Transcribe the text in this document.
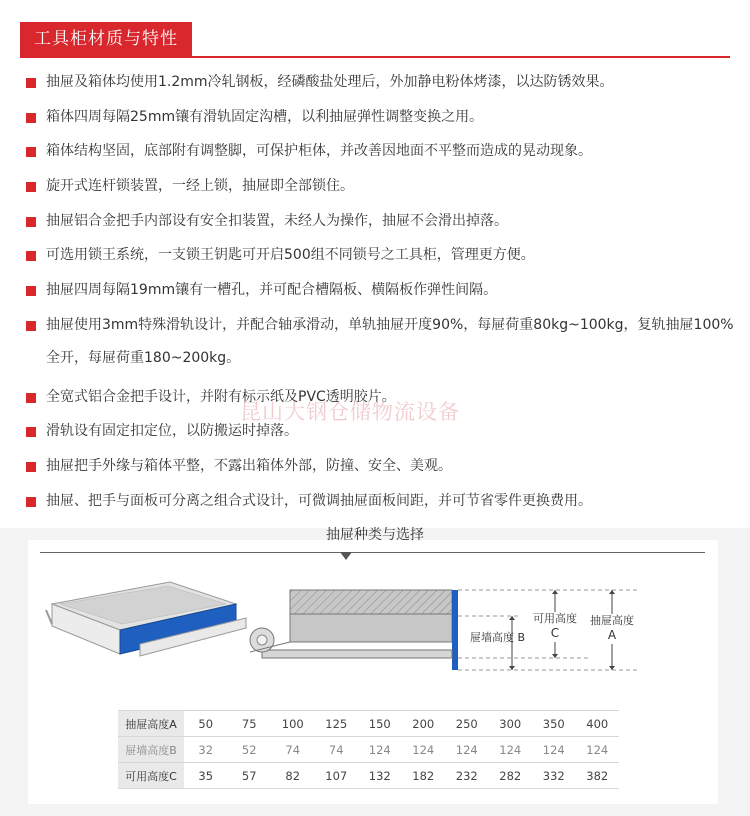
工具柜材质与特性
抽屉及箱体均使用1.2mm冷轧钢板，经磷酸盐处理后，外加静电粉体烤漆，以达防锈效果。
箱体四周每隔25mm镶有滑轨固定沟槽，以利抽屉弹性调整变换之用。
箱体结构坚固，底部附有调整脚，可保护柜体，并改善因地面不平整而造成的晃动现象。
旋开式连杆锁装置，一经上锁，抽屉即全部锁住。
抽屉铝合金把手内部设有安全扣装置，未经人为操作，抽屉不会滑出掉落。
可选用锁王系统，一支锁王钥匙可开启500组不同锁号之工具柜，管理更方便。
抽屉四周每隔19mm镶有一槽孔，并可配合槽隔板、横隔板作弹性间隔。
抽屉使用3mm特殊滑轨设计，并配合轴承滑动，单轨抽屉开度90%，每屉荷重80kg~100kg，复轨抽屉100%全开，每屉荷重180~200kg。
全宽式铝合金把手设计，并附有标示纸及PVC透明胶片。
滑轨设有固定扣定位，以防搬运时掉落。
抽屉把手外缘与箱体平整，不露出箱体外部，防撞、安全、美观。
抽屉、把手与面板可分离之组合式设计，可微调抽屉面板间距，并可节省零件更换费用。
昆山大钢仓储物流设备
抽屉种类与选择
屉墙高度 B
可用高度
C
抽屉高度
A
抽屉高度A	50	75	100	125	150	200	250	300	350	400
屉墙高度B	32	52	74	74	124	124	124	124	124	124
可用高度C	35	57	82	107	132	182	232	282	332	382
